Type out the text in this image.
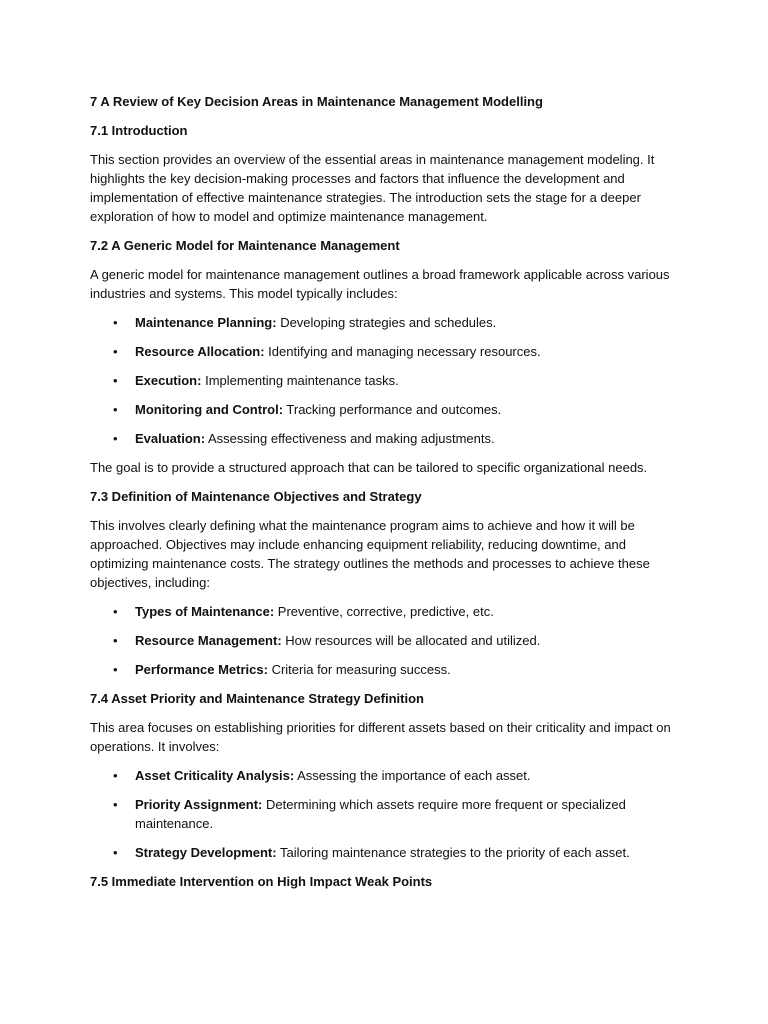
7 A Review of Key Decision Areas in Maintenance Management Modelling
7.1 Introduction

This section provides an overview of the essential areas in maintenance management modeling. It highlights the key decision-making processes and factors that influence the development and implementation of effective maintenance strategies. The introduction sets the stage for a deeper exploration of how to model and optimize maintenance management.

7.2 A Generic Model for Maintenance Management

A generic model for maintenance management outlines a broad framework applicable across various industries and systems. This model typically includes:

• Maintenance Planning: Developing strategies and schedules.
• Resource Allocation: Identifying and managing necessary resources.
• Execution: Implementing maintenance tasks.
• Monitoring and Control: Tracking performance and outcomes.
• Evaluation: Assessing effectiveness and making adjustments.

The goal is to provide a structured approach that can be tailored to specific organizational needs.

7.3 Definition of Maintenance Objectives and Strategy

This involves clearly defining what the maintenance program aims to achieve and how it will be approached. Objectives may include enhancing equipment reliability, reducing downtime, and optimizing maintenance costs. The strategy outlines the methods and processes to achieve these objectives, including:

• Types of Maintenance: Preventive, corrective, predictive, etc.
• Resource Management: How resources will be allocated and utilized.
• Performance Metrics: Criteria for measuring success.
7.4 Asset Priority and Maintenance Strategy Definition

This area focuses on establishing priorities for different assets based on their criticality and impact on operations. It involves:

• Asset Criticality Analysis: Assessing the importance of each asset.
• Priority Assignment: Determining which assets require more frequent or specialized maintenance.
• Strategy Development: Tailoring maintenance strategies to the priority of each asset.
7.5 Immediate Intervention on High Impact Weak Points
